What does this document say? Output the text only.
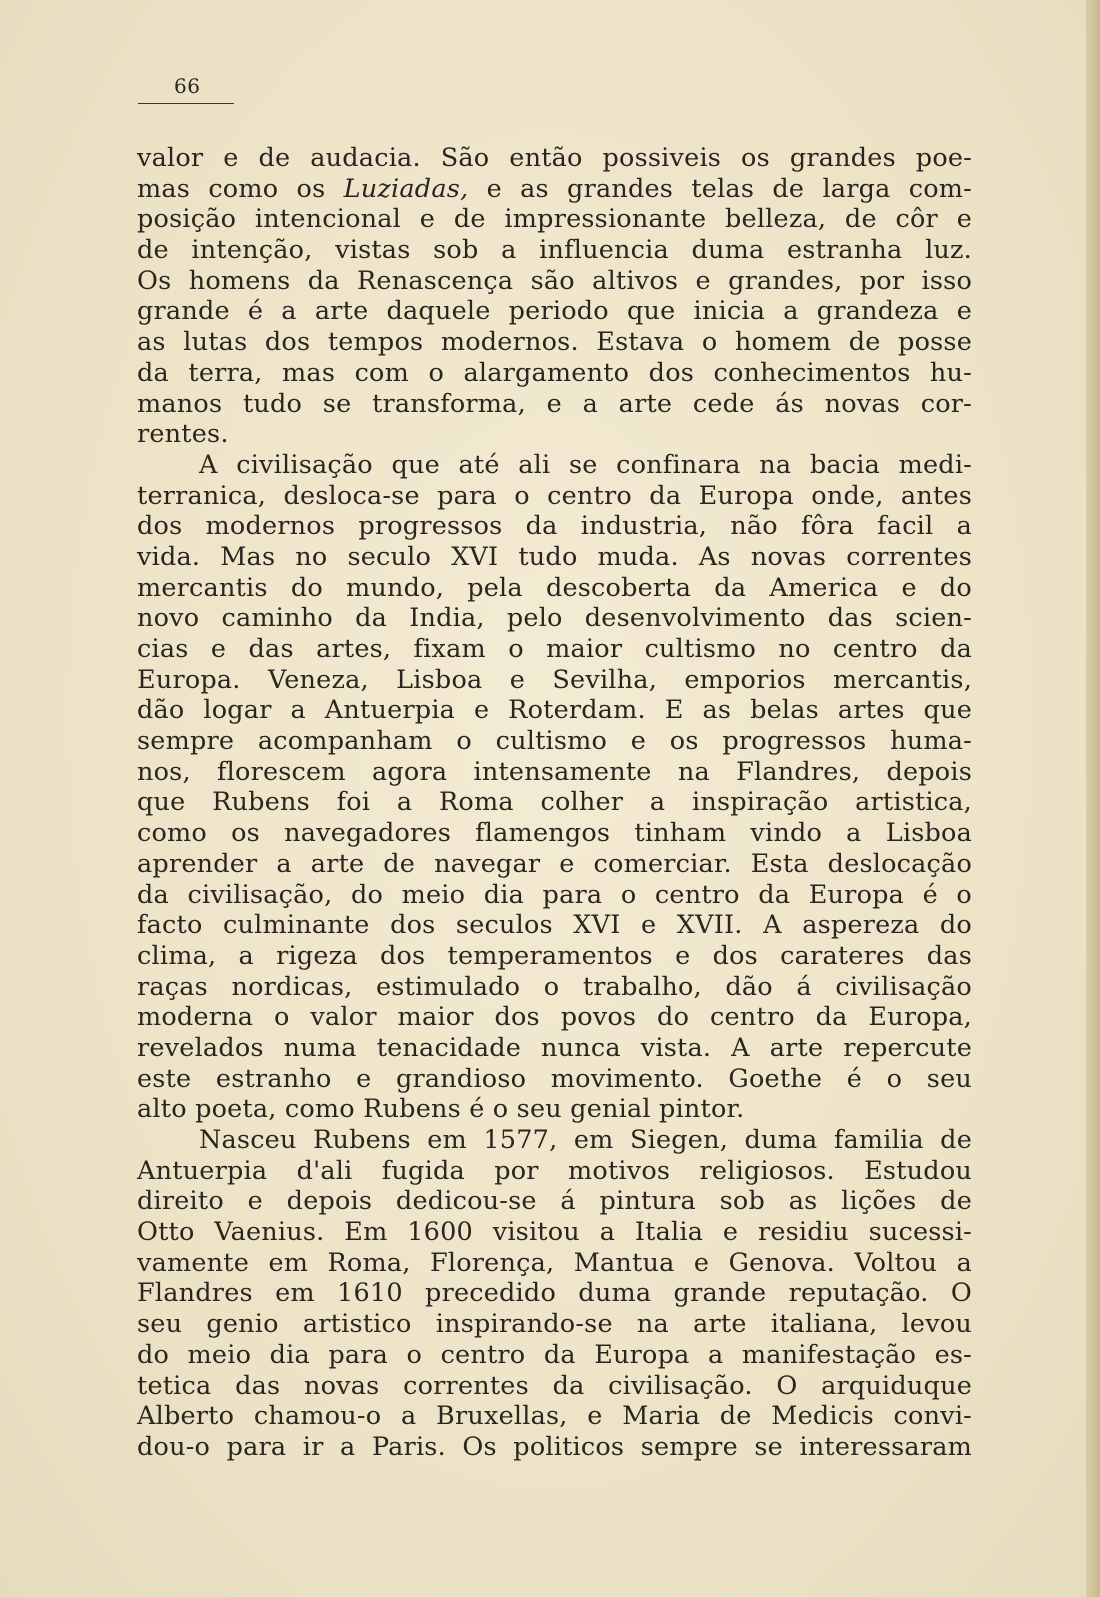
66
valor e de audacia. São então possiveis os grandes poe-
mas como os Luziadas, e as grandes telas de larga com-
posição intencional e de impressionante belleza, de côr e
de intenção, vistas sob a influencia duma estranha luz.
Os homens da Renascença são altivos e grandes, por isso
grande é a arte daquele periodo que inicia a grandeza e
as lutas dos tempos modernos. Estava o homem de posse
da terra, mas com o alargamento dos conhecimentos hu-
manos tudo se transforma, e a arte cede ás novas cor-
rentes.
A civilisação que até ali se confinara na bacia medi-
terranica, desloca-se para o centro da Europa onde, antes
dos modernos progressos da industria, não fôra facil a
vida. Mas no seculo XVI tudo muda. As novas correntes
mercantis do mundo, pela descoberta da America e do
novo caminho da India, pelo desenvolvimento das scien-
cias e das artes, fixam o maior cultismo no centro da
Europa. Veneza, Lisboa e Sevilha, emporios mercantis,
dão logar a Antuerpia e Roterdam. E as belas artes que
sempre acompanham o cultismo e os progressos huma-
nos, florescem agora intensamente na Flandres, depois
que Rubens foi a Roma colher a inspiração artistica,
como os navegadores flamengos tinham vindo a Lisboa
aprender a arte de navegar e comerciar. Esta deslocação
da civilisação, do meio dia para o centro da Europa é o
facto culminante dos seculos XVI e XVII. A aspereza do
clima, a rigeza dos temperamentos e dos carateres das
raças nordicas, estimulado o trabalho, dão á civilisação
moderna o valor maior dos povos do centro da Europa,
revelados numa tenacidade nunca vista. A arte repercute
este estranho e grandioso movimento. Goethe é o seu
alto poeta, como Rubens é o seu genial pintor.
Nasceu Rubens em 1577, em Siegen, duma familia de
Antuerpia d'ali fugida por motivos religiosos. Estudou
direito e depois dedicou-se á pintura sob as lições de
Otto Vaenius. Em 1600 visitou a Italia e residiu sucessi-
vamente em Roma, Florença, Mantua e Genova. Voltou a
Flandres em 1610 precedido duma grande reputação. O
seu genio artistico inspirando-se na arte italiana, levou
do meio dia para o centro da Europa a manifestação es-
tetica das novas correntes da civilisação. O arquiduque
Alberto chamou-o a Bruxellas, e Maria de Medicis convi-
dou-o para ir a Paris. Os politicos sempre se interessaram
